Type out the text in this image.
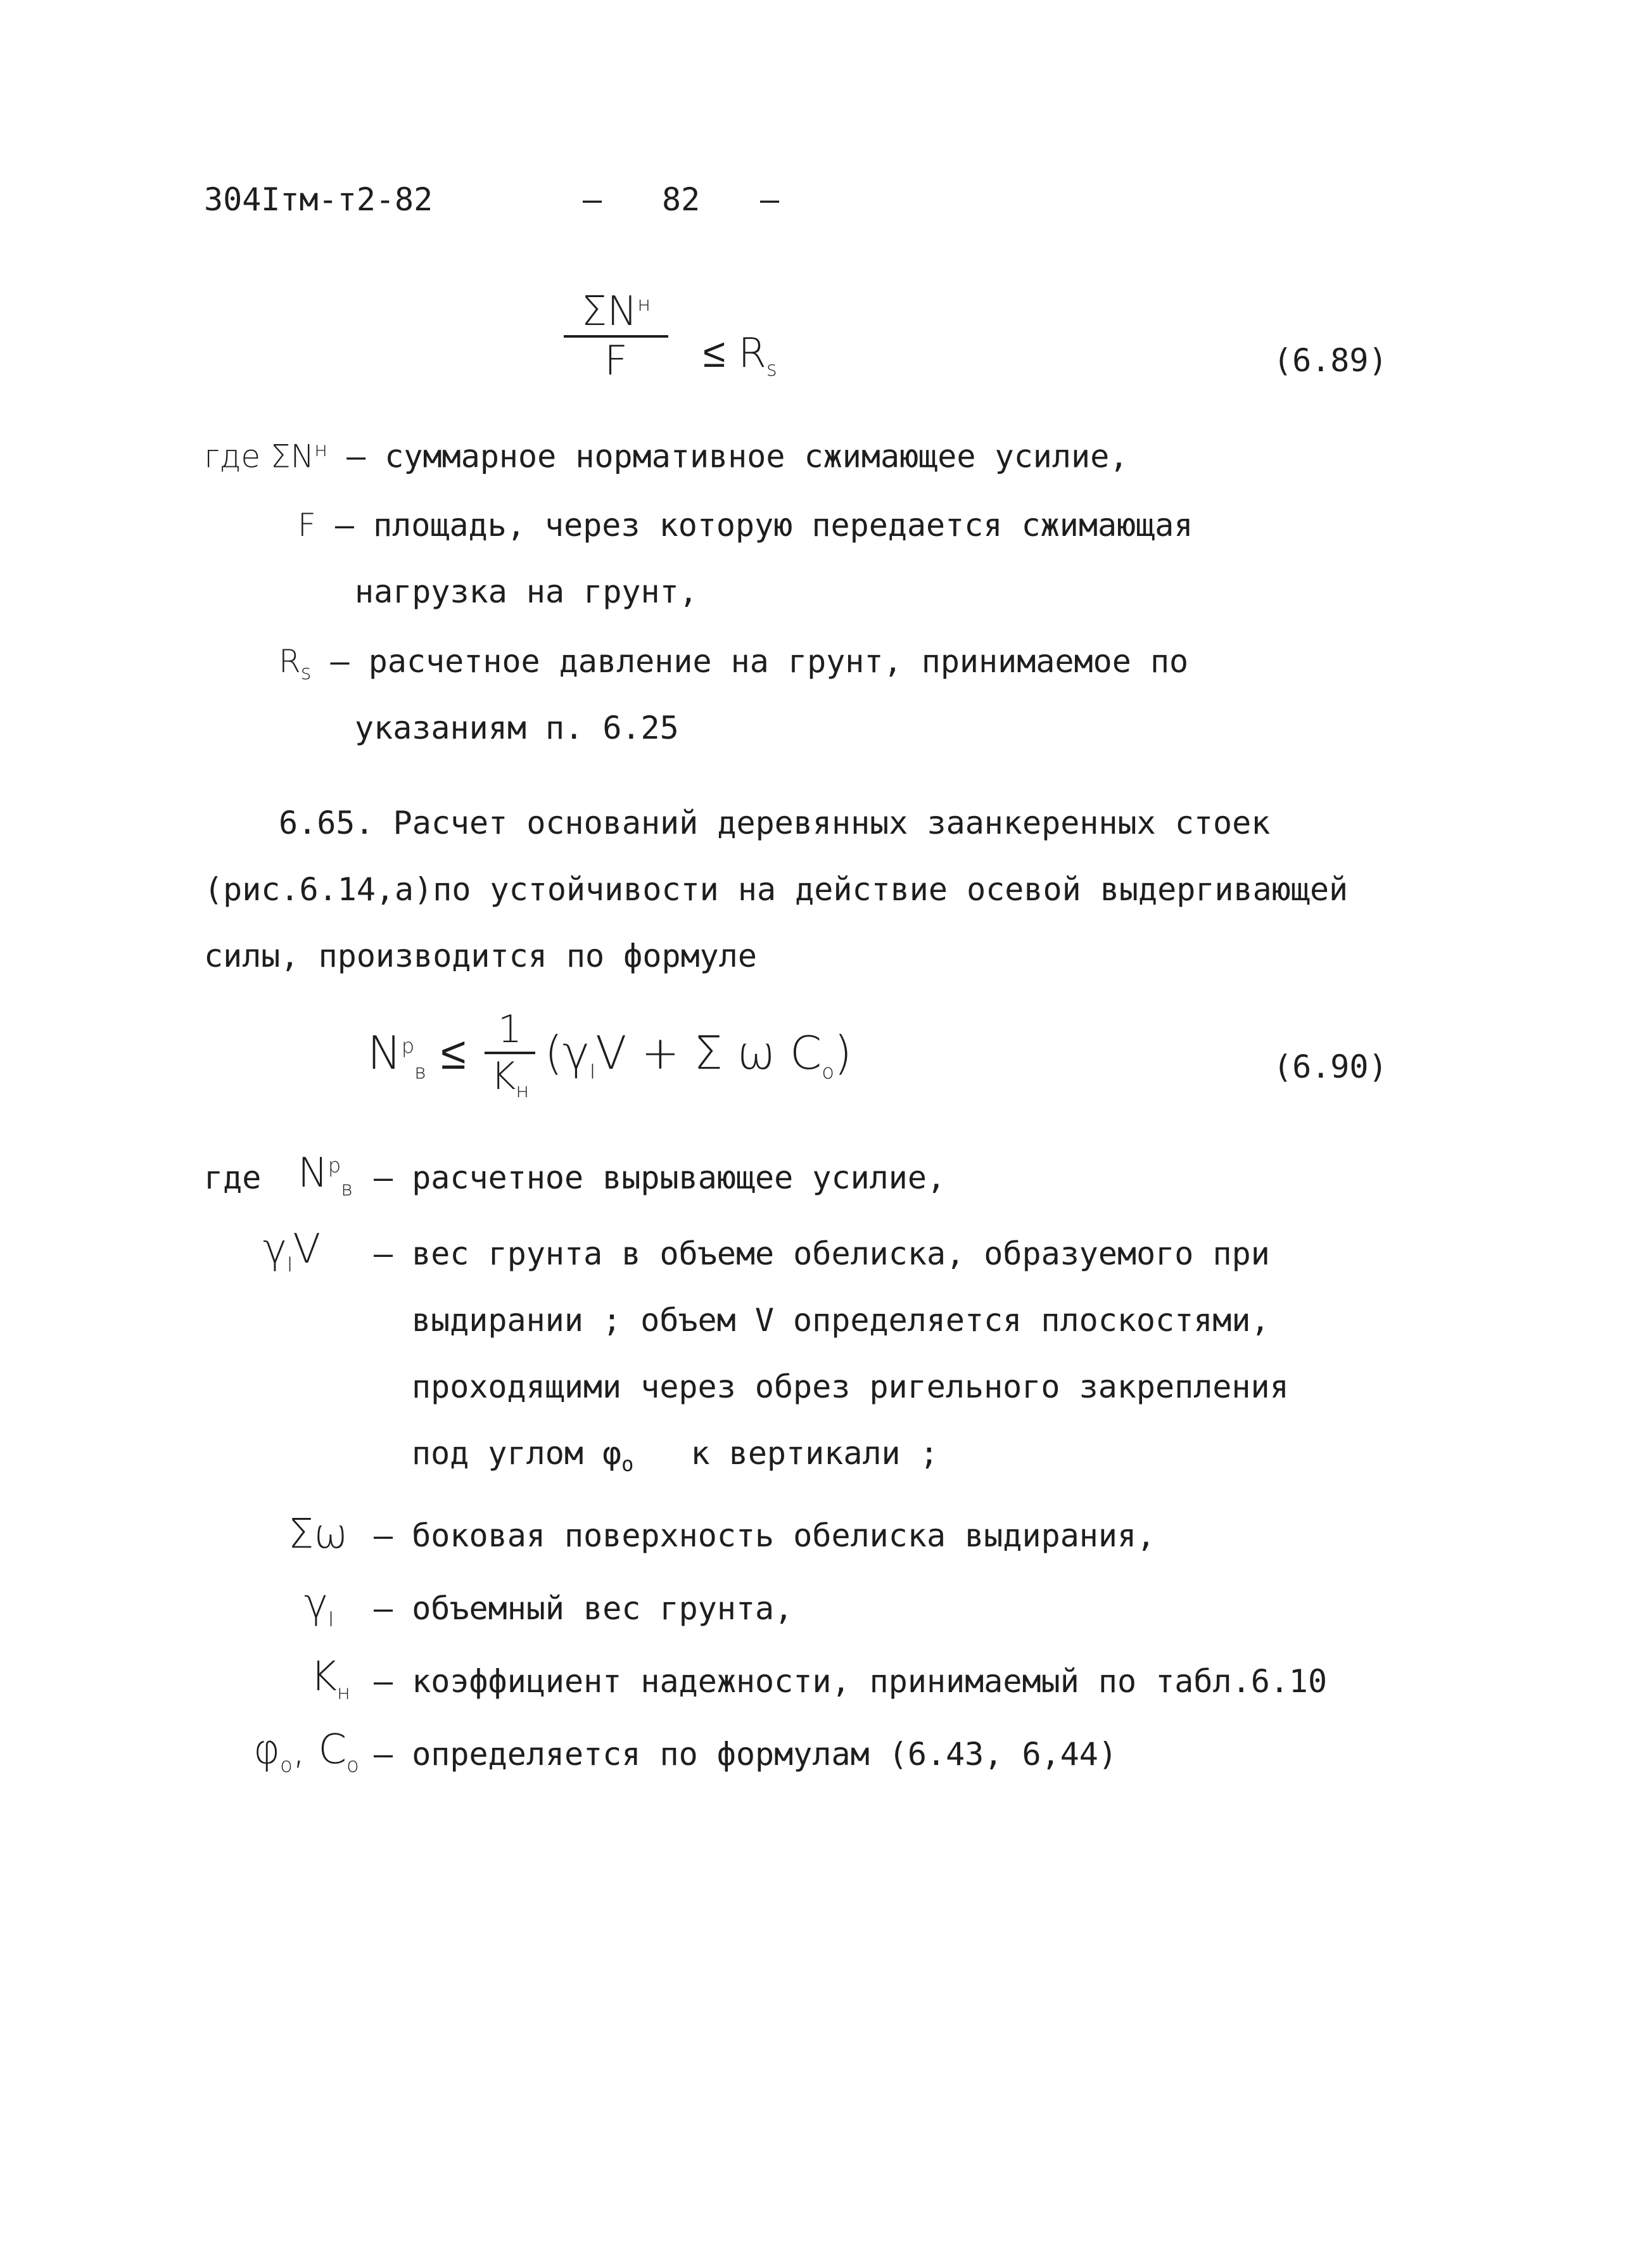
304Iтм-т2-82	– 82 –
$\Sigma N^н$
F	≤ $R_s$	(6.89)
где $\Sigma N^н$ – суммарное нормативное сжимающее усилие,
F – площадь, через которую передается сжимающая
нагрузка на грунт,
$R_s$ – расчетное давление на грунт, принимаемое по
указаниям п. 6.25
6.65. Расчет оснований деревянных заанкеренных стоек
(рис.6.14,а)по устойчивости на действие осевой выдергивающей
силы, производится по формуле
$N^p_в \le 1$
$K_н$
($\gamma_IV + \Sigma$ ω $C_o$)	(6.90)
где $N^p_в$ – расчетное вырывающее усилие,
$\gamma_IV$ – вес грунта в объеме обелиска, образуемого при
выдирании ; объем V определяется плоскостями,
проходящими через обрез ригельного закрепления
под углом $\varphi_o$ к вертикали ;
Σω – боковая поверхность обелиска выдирания,
$\gamma_I$ – объемный вес грунта,
$K_н$ – коэффициент надежности, принимаемый по табл.6.10
$\varphi_o$, $C_o$ – определяется по формулам (6.43, 6,44)
